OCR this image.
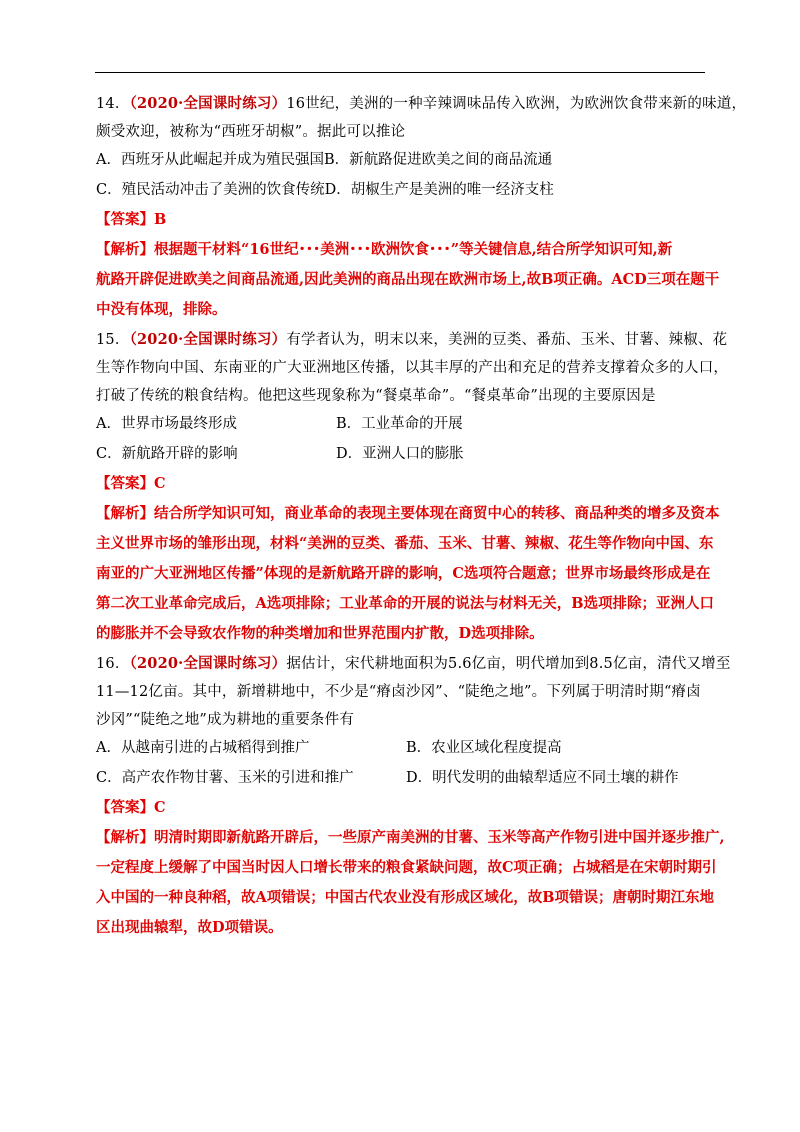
14．（2020·全国课时练习）16世纪，美洲的一种辛辣调味品传入欧洲，为欧洲饮食带来新的味道，
颇受欢迎，被称为“西班牙胡椒”。据此可以推论
A．西班牙从此崛起并成为殖民强国B．新航路促进欧美之间的商品流通
C．殖民活动冲击了美洲的饮食传统D．胡椒生产是美洲的唯一经济支柱
【答案】B
【解析】根据题干材料“16世纪･･･美洲･･･欧洲饮食･･･”等关键信息,结合所学知识可知,新
航路开辟促进欧美之间商品流通,因此美洲的商品出现在欧洲市场上,故B项正确。ACD三项在题干
中没有体现，排除。
15．（2020·全国课时练习）有学者认为，明末以来，美洲的豆类、番茄、玉米、甘薯、辣椒、花
生等作物向中国、东南亚的广大亚洲地区传播，以其丰厚的产出和充足的营养支撑着众多的人口，
打破了传统的粮食结构。他把这些现象称为“餐桌革命”。“餐桌革命”出现的主要原因是
A．世界市场最终形成	B．工业革命的开展
C．新航路开辟的影响	D．亚洲人口的膨胀
【答案】C
【解析】结合所学知识可知，商业革命的表现主要体现在商贸中心的转移、商品种类的增多及资本
主义世界市场的雏形出现，材料“美洲的豆类、番茄、玉米、甘薯、辣椒、花生等作物向中国、东
南亚的广大亚洲地区传播”体现的是新航路开辟的影响，C选项符合题意；世界市场最终形成是在
第二次工业革命完成后，A选项排除；工业革命的开展的说法与材料无关，B选项排除；亚洲人口
的膨胀并不会导致农作物的种类增加和世界范围内扩散，D选项排除。
16．（2020·全国课时练习）据估计，宋代耕地面积为5.6亿亩，明代增加到8.5亿亩，清代又增至
11—12亿亩。其中，新增耕地中，不少是“瘠卤沙冈”、“陡绝之地”。下列属于明清时期“瘠卤
沙冈”“陡绝之地”成为耕地的重要条件有
A．从越南引进的占城稻得到推广	B．农业区域化程度提高
C．高产农作物甘薯、玉米的引进和推广	D．明代发明的曲辕犁适应不同土壤的耕作
【答案】C
【解析】明清时期即新航路开辟后，一些原产南美洲的甘薯、玉米等高产作物引进中国并逐步推广,
一定程度上缓解了中国当时因人口增长带来的粮食紧缺问题，故C项正确；占城稻是在宋朝时期引
入中国的一种良种稻，故A项错误；中国古代农业没有形成区域化，故B项错误；唐朝时期江东地
区出现曲辕犁，故D项错误。
